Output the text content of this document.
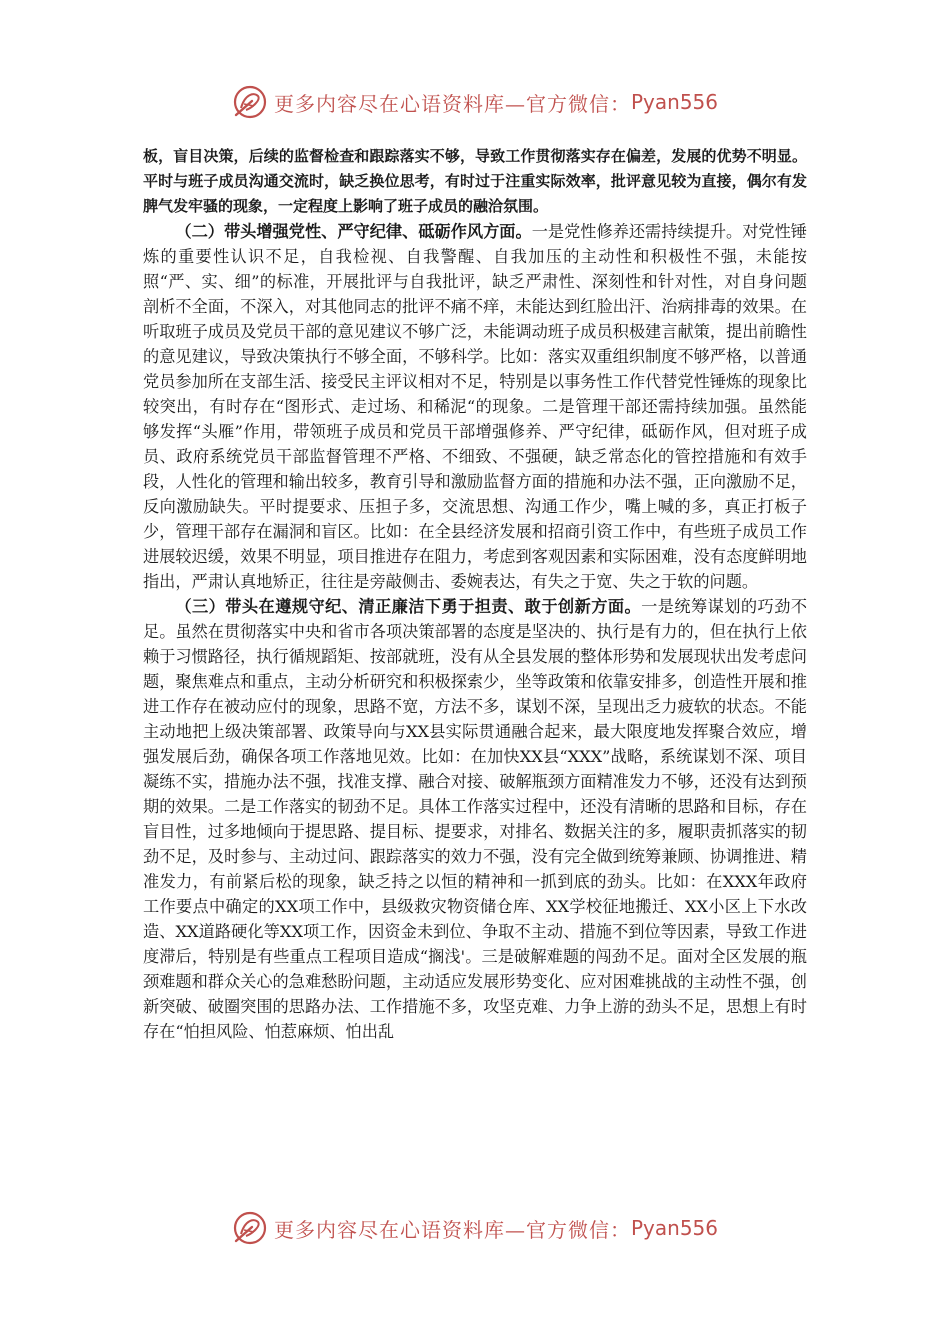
更多内容尽在心语资料库—官方微信： Pyan556

板，盲目决策，后续的监督检查和跟踪落实不够，导致工作贯彻落实存在偏差，发展的优势不明显。平时与班子成员沟通交流时，缺乏换位思考，有时过于注重实际效率，批评意见较为直接，偶尔有发脾气发牢骚的现象，一定程度上影响了班子成员的融洽氛围。

（二）带头增强党性、严守纪律、砥砺作风方面。一是党性修养还需持续提升。对党性锤炼的重要性认识不足，自我检视、自我警醒、自我加压的主动性和积极性不强，未能按照“严、实、细”的标准，开展批评与自我批评，缺乏严肃性、深刻性和针对性，对自身问题剖析不全面，不深入，对其他同志的批评不痛不痒，未能达到红脸出汗、治病排毒的效果。在听取班子成员及党员干部的意见建议不够广泛，未能调动班子成员积极建言献策，提出前瞻性的意见建议，导致决策执行不够全面，不够科学。比如：落实双重组织制度不够严格，以普通党员参加所在支部生活、接受民主评议相对不足，特别是以事务性工作代替党性锤炼的现象比较突出，有时存在“图形式、走过场、和稀泥“的现象。二是管理干部还需持续加强。虽然能够发挥“头雁”作用，带领班子成员和党员干部增强修养、严守纪律，砥砺作风，但对班子成员、政府系统党员干部监督管理不严格、不细致、不强硬，缺乏常态化的管控措施和有效手段，人性化的管理和输出较多，教育引导和激励监督方面的措施和办法不强，正向激励不足，反向激励缺失。平时提要求、压担子多，交流思想、沟通工作少，嘴上喊的多，真正打板子少，管理干部存在漏洞和盲区。比如：在全县经济发展和招商引资工作中，有些班子成员工作进展较迟缓，效果不明显，项目推进存在阻力，考虑到客观因素和实际困难，没有态度鲜明地指出，严肃认真地矫正，往往是旁敲侧击、委婉表达，有失之于宽、失之于软的问题。

（三）带头在遵规守纪、清正廉洁下勇于担责、敢于创新方面。一是统筹谋划的巧劲不足。虽然在贯彻落实中央和省市各项决策部署的态度是坚决的、执行是有力的，但在执行上依赖于习惯路径，执行循规蹈矩、按部就班，没有从全县发展的整体形势和发展现状出发考虑问题，聚焦难点和重点，主动分析研究和积极探索少，坐等政策和依靠安排多，创造性开展和推进工作存在被动应付的现象，思路不宽，方法不多，谋划不深，呈现出乏力疲软的状态。不能主动地把上级决策部署、政策导向与XX县实际贯通融合起来，最大限度地发挥聚合效应，增强发展后劲，确保各项工作落地见效。比如：在加快XX县“XXX”战略，系统谋划不深、项目凝练不实，措施办法不强，找准支撑、融合对接、破解瓶颈方面精准发力不够，还没有达到预期的效果。二是工作落实的韧劲不足。具体工作落实过程中，还没有清晰的思路和目标，存在盲目性，过多地倾向于提思路、提目标、提要求，对排名、数据关注的多，履职责抓落实的韧劲不足，及时参与、主动过问、跟踪落实的效力不强，没有完全做到统筹兼顾、协调推进、精准发力，有前紧后松的现象，缺乏持之以恒的精神和一抓到底的劲头。比如：在XXX年政府工作要点中确定的XX项工作中，县级救灾物资储仓库、XX学校征地搬迁、XX小区上下水改造、XX道路硬化等XX项工作，因资金未到位、争取不主动、措施不到位等因素，导致工作进度滞后，特别是有些重点工程项目造成“搁浅'。三是破解难题的闯劲不足。面对全区发展的瓶颈难题和群众关心的急难愁盼问题，主动适应发展形势变化、应对困难挑战的主动性不强，创新突破、破圈突围的思路办法、工作措施不多，攻坚克难、力争上游的劲头不足，思想上有时存在“怕担风险、怕惹麻烦、怕出乱

更多内容尽在心语资料库—官方微信： Pyan556
